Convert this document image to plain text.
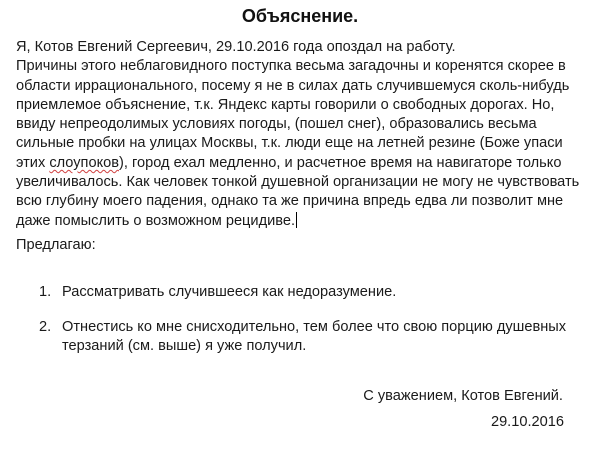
Объяснение.

Я, Котов Евгений Сергеевич, 29.10.2016 года опоздал на работу.
Причины этого неблаговидного поступка весьма загадочны и коренятся скорее в
области иррационального, посему я не в силах дать случившемуся сколь-нибудь
приемлемое объяснение, т.к. Яндекс карты говорили о свободных дорогах. Но,
ввиду непреодолимых условиях погоды, (пошел снег), образовались весьма
сильные пробки на улицах Москвы, т.к. люди еще на летней резине (Боже упаси
этих слоупоков), город ехал медленно, и расчетное время на навигаторе только
увеличивалось. Как человек тонкой душевной организации не могу не чувствовать
всю глубину моего падения, однако та же причина впредь едва ли позволит мне
даже помыслить о возможном рецидиве.

Предлагаю:

1. Рассматривать случившееся как недоразумение.
2. Отнестись ко мне снисходительно, тем более что свою порцию душевных
терзаний (см. выше) я уже получил.
С уважением, Котов Евгений.
29.10.2016
